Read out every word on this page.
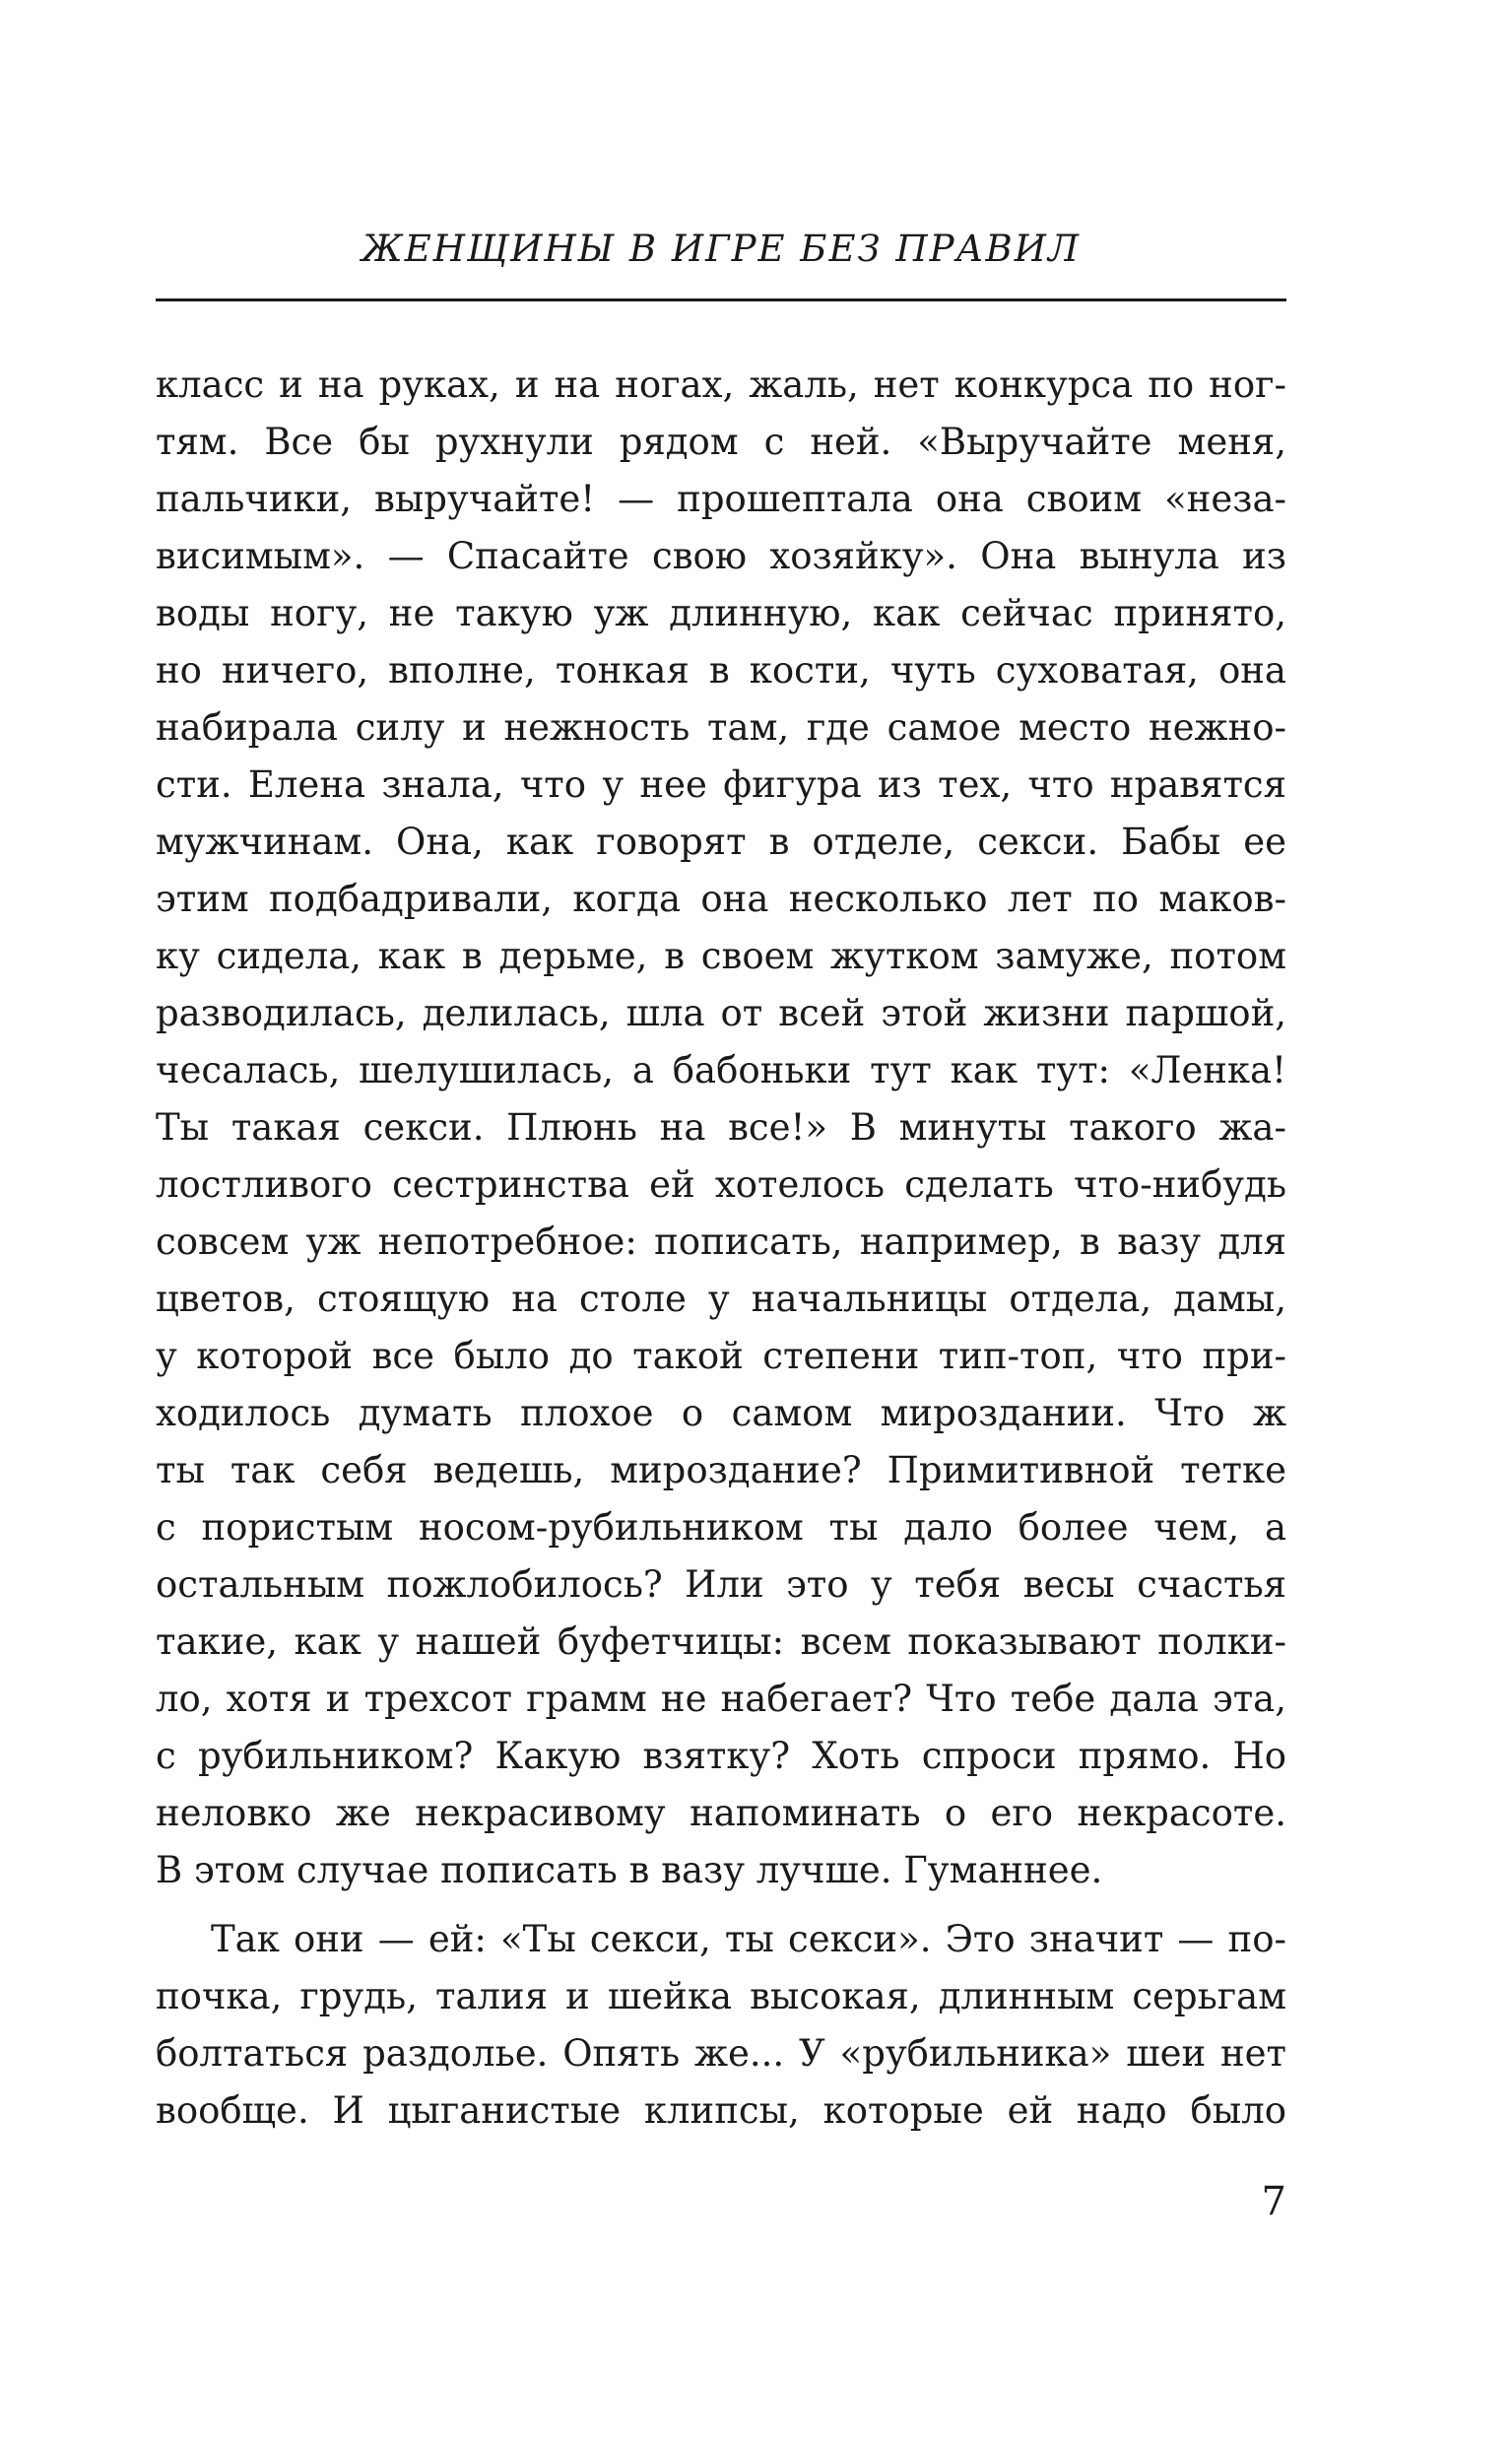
ЖЕНЩИНЫ В ИГРЕ БЕЗ ПРАВИЛ
класс и на руках, и на ногах, жаль, нет конкурса по ног-
тям. Все бы рухнули рядом с ней. «Выручайте меня,
пальчики, выручайте! — прошептала она своим «неза-
висимым». — Спасайте свою хозяйку». Она вынула из
воды ногу, не такую уж длинную, как сейчас принято,
но ничего, вполне, тонкая в кости, чуть суховатая, она
набирала силу и нежность там, где самое место нежно-
сти. Елена знала, что у нее фигура из тех, что нравятся
мужчинам. Она, как говорят в отделе, секси. Бабы ее
этим подбадривали, когда она несколько лет по маков-
ку сидела, как в дерьме, в своем жутком замуже, потом
разводилась, делилась, шла от всей этой жизни паршой,
чесалась, шелушилась, а бабоньки тут как тут: «Ленка!
Ты такая секси. Плюнь на все!» В минуты такого жа-
лостливого сестринства ей хотелось сделать что-нибудь
совсем уж непотребное: пописать, например, в вазу для
цветов, стоящую на столе у начальницы отдела, дамы,
у которой все было до такой степени тип-топ, что при-
ходилось думать плохое о самом мироздании. Что ж
ты так себя ведешь, мироздание? Примитивной тетке
с пористым носом-рубильником ты дало более чем, а
остальным пожлобилось? Или это у тебя весы счастья
такие, как у нашей буфетчицы: всем показывают полки-
ло, хотя и трехсот грамм не набегает? Что тебе дала эта,
с рубильником? Какую взятку? Хоть спроси прямо. Но
неловко же некрасивому напоминать о его некрасоте.
В этом случае пописать в вазу лучше. Гуманнее.
Так они — ей: «Ты секси, ты секси». Это значит — по-
почка, грудь, талия и шейка высокая, длинным серьгам
болтаться раздолье. Опять же... У «рубильника» шеи нет
вообще. И цыганистые клипсы, которые ей надо было
7
